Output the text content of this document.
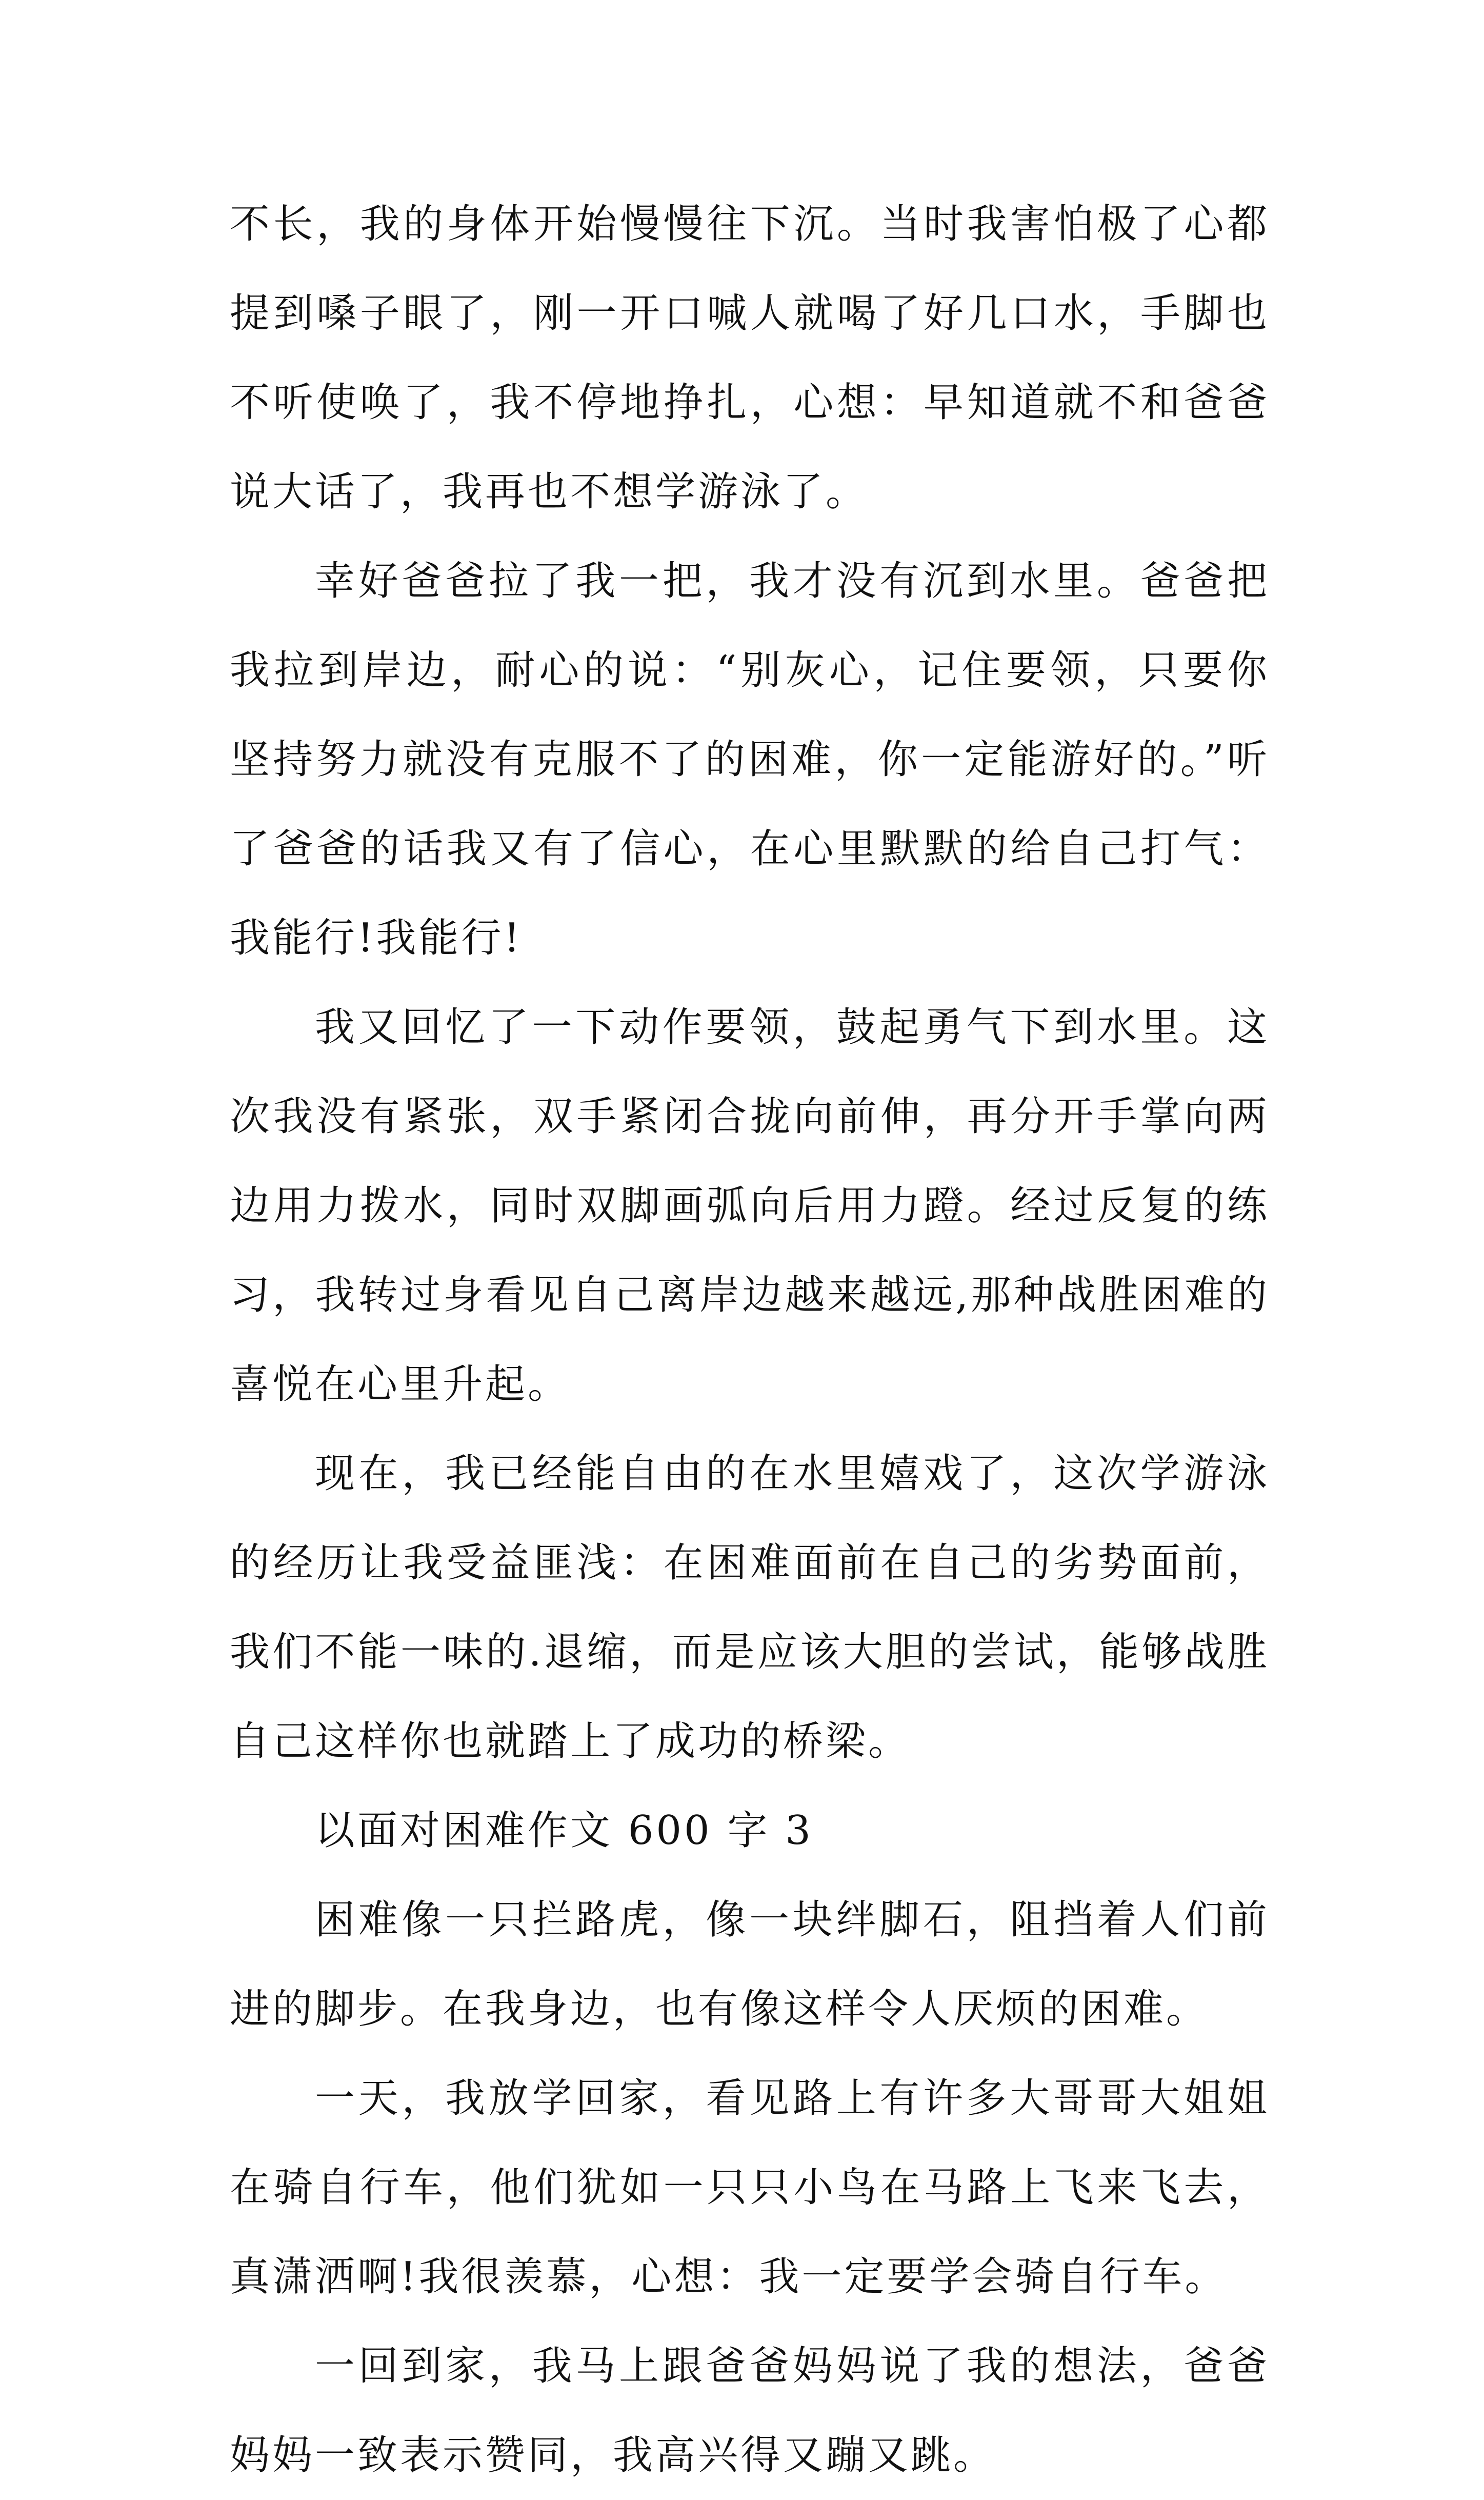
不长，我的身体开始慢慢往下沉。当时我害怕极了心都提到嗓子眼了，刚一开口喊人就喝了好几口水，手脚也不听使唤了，我不停地挣扎，心想：早知道就不和爸爸说大话了，我再也不想学游泳了。

幸好爸爸拉了我一把，我才没有沉到水里。爸爸把我拉到岸边，耐心的说：“别灰心，记住要领，只要你坚持努力就没有克服不了的困难，你一定能游好的。”听了爸爸的话我又有了信心，在心里默默的给自己打气：我能行!我能行!

我又回忆了一下动作要领，鼓起勇气下到水里。这次我没有紧张，双手紧闭合拢向前伸，再分开手掌向两边用力拨水，同时双脚画弧向后用力蹬。经过反复的练习，我转过身看见自己离岸边越来越远,那种战胜困难的喜悦在心里升起。

现在，我已经能自由的在水里嬉戏了，这次学游泳的经历让我受益匪浅：在困难面前在自己的劣势面前，我们不能一味的.退缩，而是应该大胆的尝试，能够战胜自己这样你也就踏上了成功的桥梁。

以面对困难作文 600 字 3

困难像一只拦路虎，像一块绊脚石，阻挡着人们前进的脚步。在我身边，也有像这样令人厌烦的困难。

一天，我放学回家，看见路上有许多大哥哥大姐姐在骑自行车，他们犹如一只只小鸟在马路上飞来飞去，真潇洒啊!我很羡慕，心想：我一定要学会骑自行车。

一回到家，我马上跟爸爸妈妈说了我的想法，爸爸妈妈一致表示赞同，我高兴得又蹦又跳。
